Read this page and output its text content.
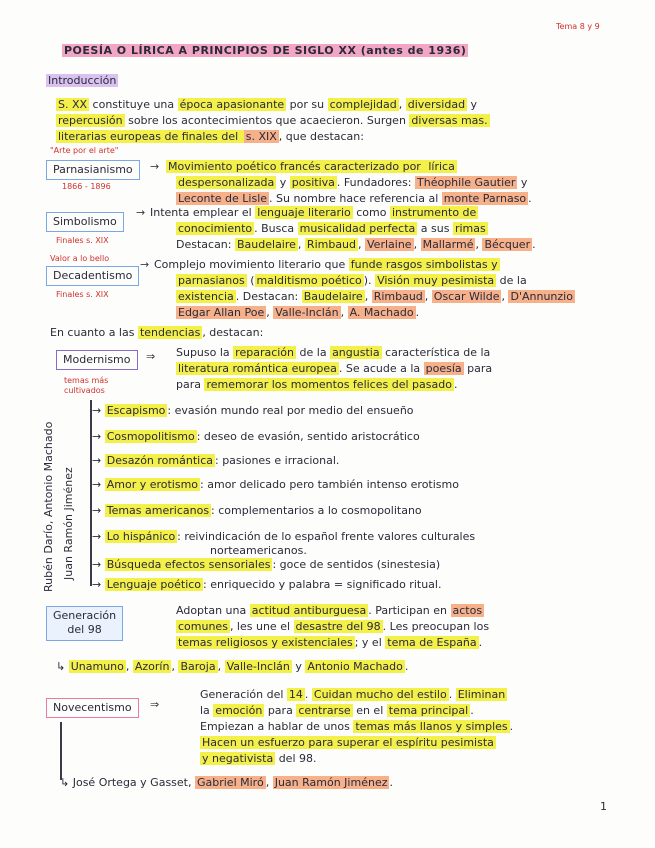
POESÍA O LÍRICA A PRINCIPIOS DE SIGLO XX (antes de 1936)
Tema 8 y 9
Introducción
S. XX constituye una época apasionante por su complejidad , diversidad y
repercusión sobre los acontecimientos que acaecieron. Surgen diversas mas.
literarias europeas de finales del s. XIX , que destacan:
"Arte por el arte"
Parnasianismo
1866 - 1896
→ Movimiento poético francés caracterizado por lírica
despersonalizada y positiva . Fundadores: Théophile Gautier y
Leconte de Lisle . Su nombre hace referencia al monte Parnaso .
Simbolismo
Finales s. XIX
→ Intenta emplear el lenguaje literario como instrumento de
conocimiento . Busca musicalidad perfecta a sus rimas
Destacan: Baudelaire , Rimbaud , Verlaine , Mallarmé , Bécquer .
Valor a lo bello
Decadentismo
Finales s. XIX
→ Complejo movimiento literario que funde rasgos simbolistas y
parnasianos ( malditismo poético ). Visión muy pesimista de la
existencia . Destacan: Baudelaire , Rimbaud , Oscar Wilde , D'Annunzio
Edgar Allan Poe , Valle-Inclán , A. Machado .
En cuanto a las tendencias , destacan:
Modernismo	⇒
temas más
cultivados
Supuso la reparación de la angustia característica de la
literatura romántica europea . Se acude a la poesía para
para rememorar los momentos felices del pasado .
Rubén Darío, Antonio Machado Juan Ramón Jiménez
→ Escapismo : evasión mundo real por medio del ensueño
→ Cosmopolitismo : deseo de evasión, sentido aristocrático
→ Desazón romántica : pasiones e irracional.
→ Amor y erotismo : amor delicado pero también intenso erotismo
→ Temas americanos : complementarios a lo cosmopolitano
→ Lo hispánico : reivindicación de lo español frente valores culturales
norteamericanos.
→ Búsqueda efectos sensoriales : goce de sentidos (sinestesia)
→ Lenguaje poético : enriquecido y palabra = significado ritual.
Generación
del 98
Adoptan una actitud antiburguesa . Participan en actos
comunes , les une el desastre del 98 . Les preocupan los
temas religiosos y existenciales ; y el tema de España .
↳ Unamuno , Azorín , Baroja , Valle-Inclán y Antonio Machado .
Novecentismo	⇒
Generación del 14 . Cuidan mucho del estilo . Eliminan
la emoción para centrarse en el tema principal .
Empiezan a hablar de unos temas más llanos y simples .
Hacen un esfuerzo para superar el espíritu pesimista
y negativista del 98.
↳ José Ortega y Gasset, Gabriel Miró , Juan Ramón Jiménez .
1
